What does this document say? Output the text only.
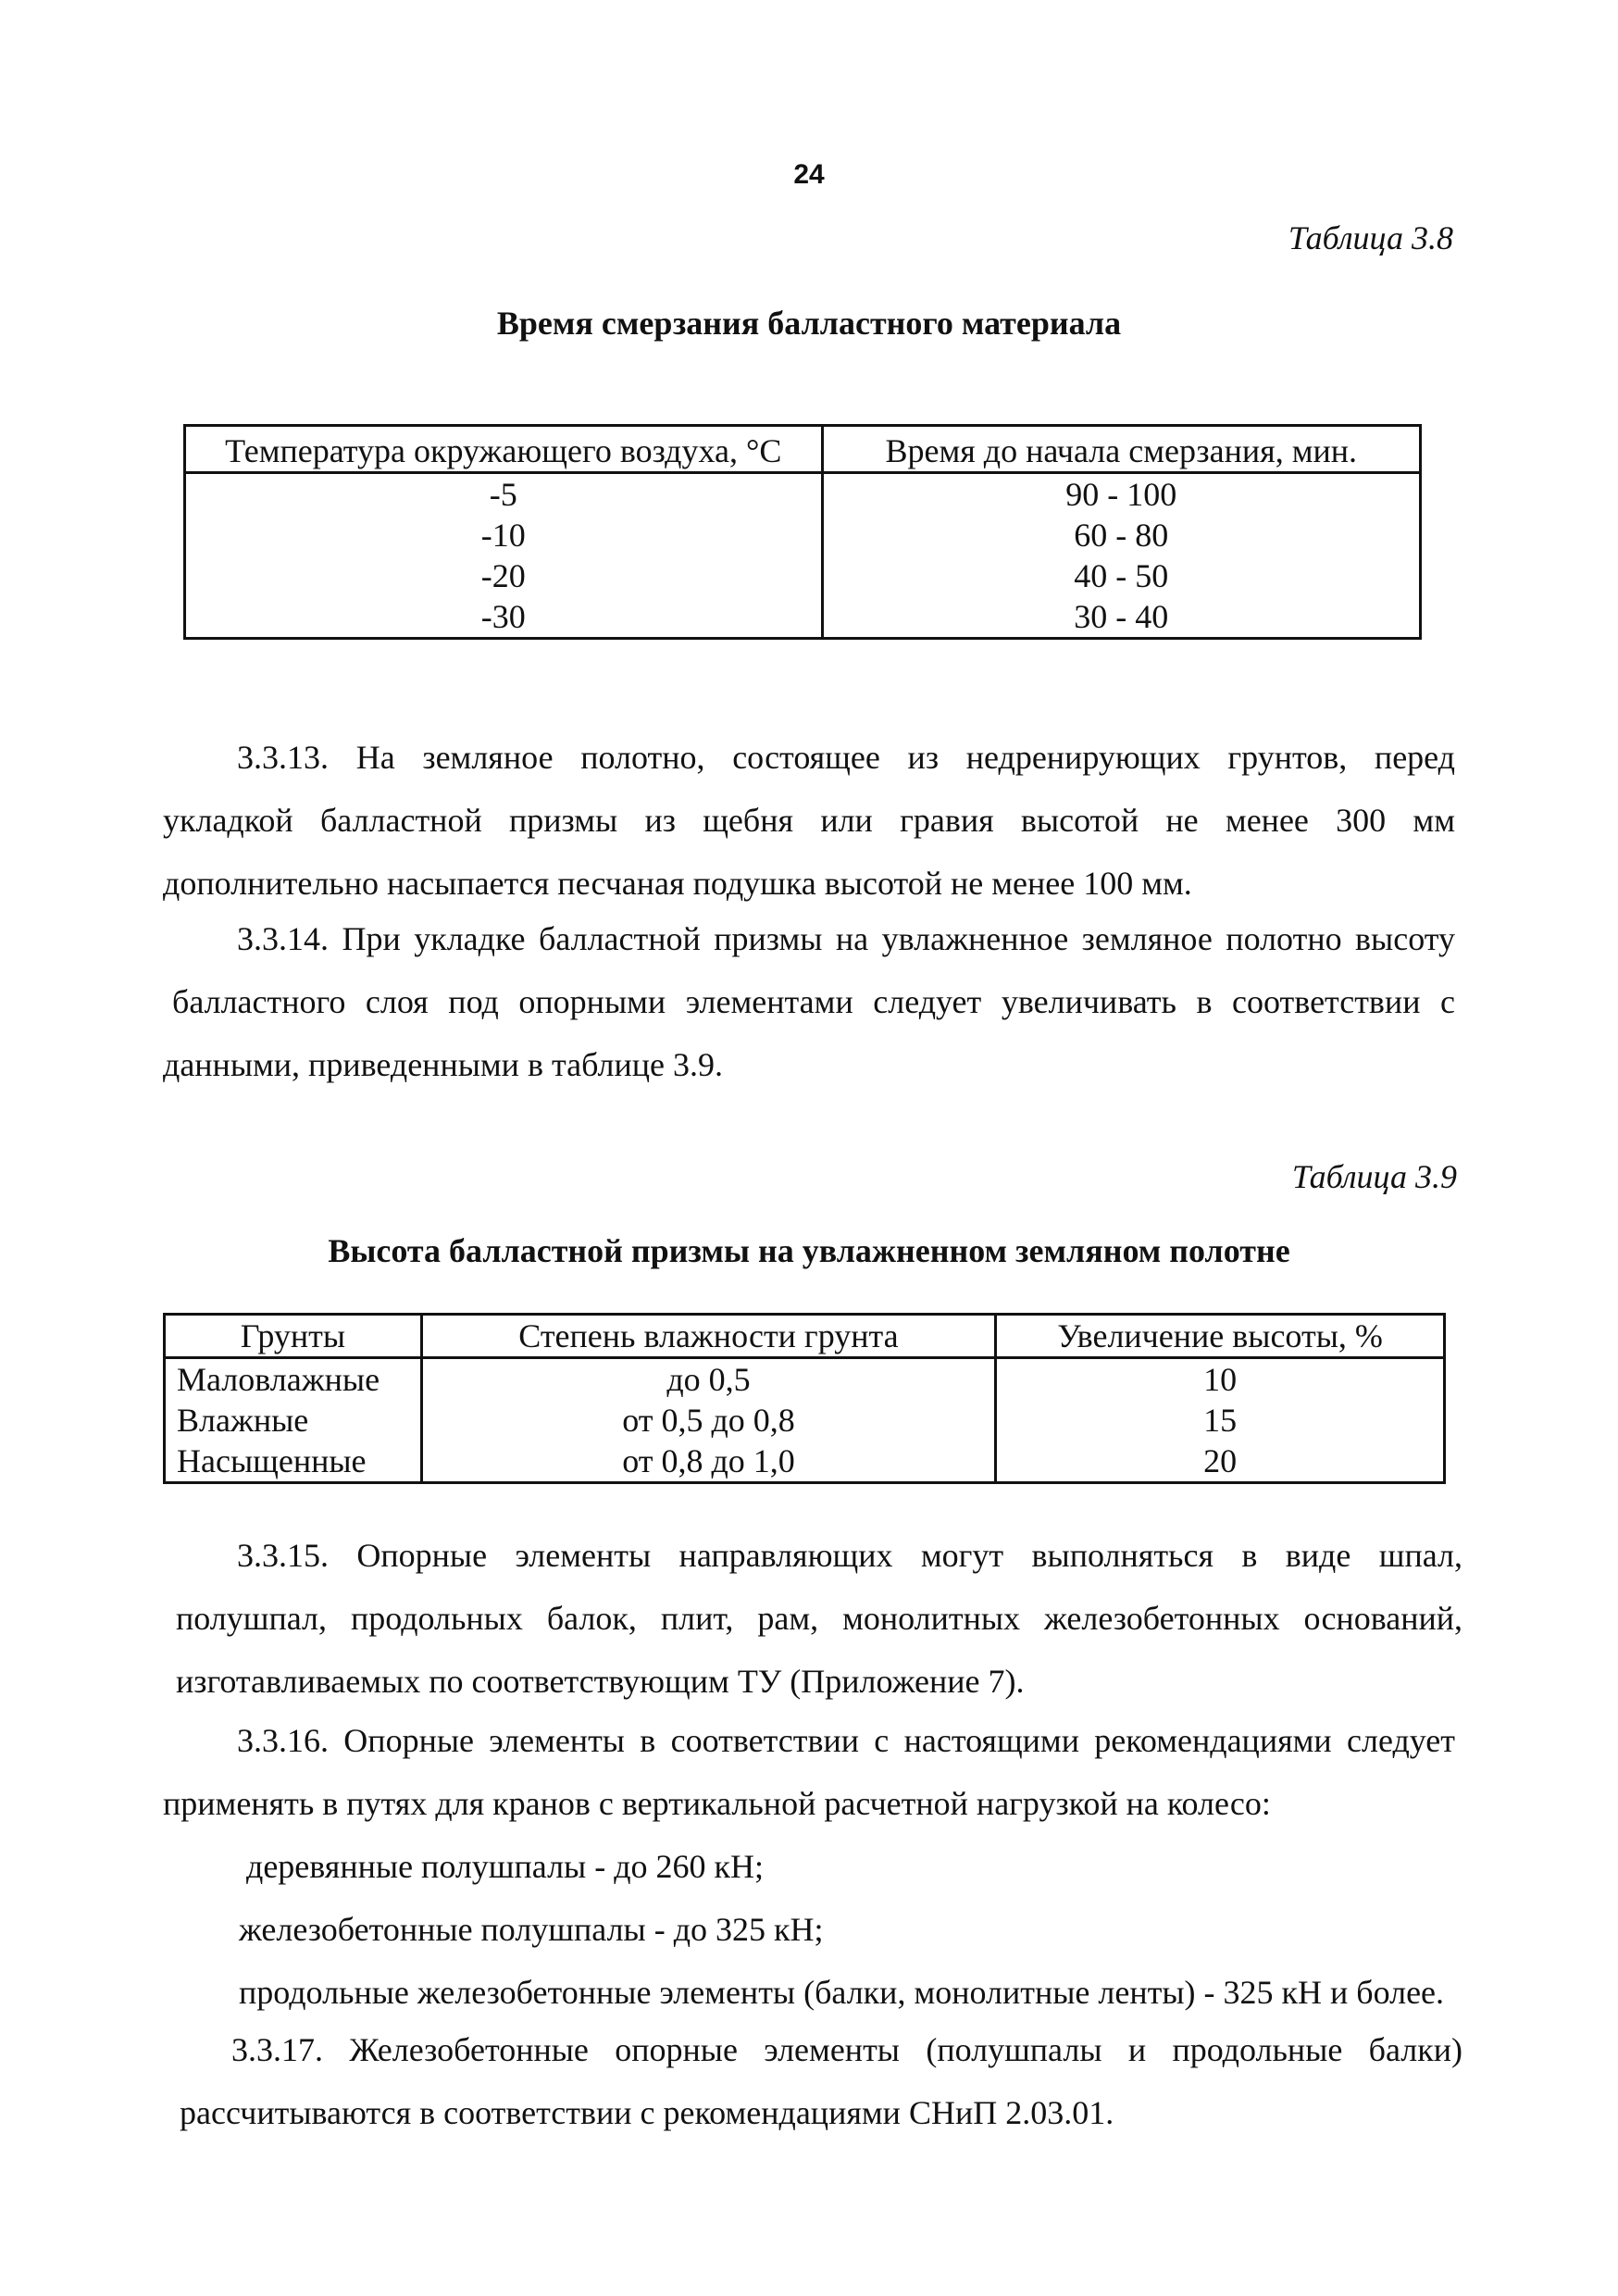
24
Таблица 3.8
Время смерзания балластного материала
Температура окружающего воздуха, °С	Время до начала смерзания, мин.
-5	90 - 100
-10	60 - 80
-20	40 - 50
-30	30 - 40
3.3.13. На земляное полотно, состоящее из недренирующих грунтов, перед
укладкой балластной призмы из щебня или гравия высотой не менее 300 мм
дополнительно насыпается песчаная подушка высотой не менее 100 мм.
3.3.14. При укладке балластной призмы на увлажненное земляное полотно высоту
балластного слоя под опорными элементами следует увеличивать в соответствии с
данными, приведенными в таблице 3.9.
Таблица 3.9
Высота балластной призмы на увлажненном земляном полотне
Грунты	Степень влажности грунта	Увеличение высоты, %
Маловлажные	до 0,5	10
Влажные	от 0,5 до 0,8	15
Насыщенные	от 0,8 до 1,0	20
3.3.15. Опорные элементы направляющих могут выполняться в виде шпал,
полушпал, продольных балок, плит, рам, монолитных железобетонных оснований,
изготавливаемых по соответствующим ТУ (Приложение 7).
3.3.16. Опорные элементы в соответствии с настоящими рекомендациями следует
применять в путях для кранов с вертикальной расчетной нагрузкой на колесо:
деревянные полушпалы - до 260 кН;
железобетонные полушпалы - до 325 кН;
продольные железобетонные элементы (балки, монолитные ленты) - 325 кН и более.
3.3.17. Железобетонные опорные элементы (полушпалы и продольные балки)
рассчитываются в соответствии с рекомендациями СНиП 2.03.01.
